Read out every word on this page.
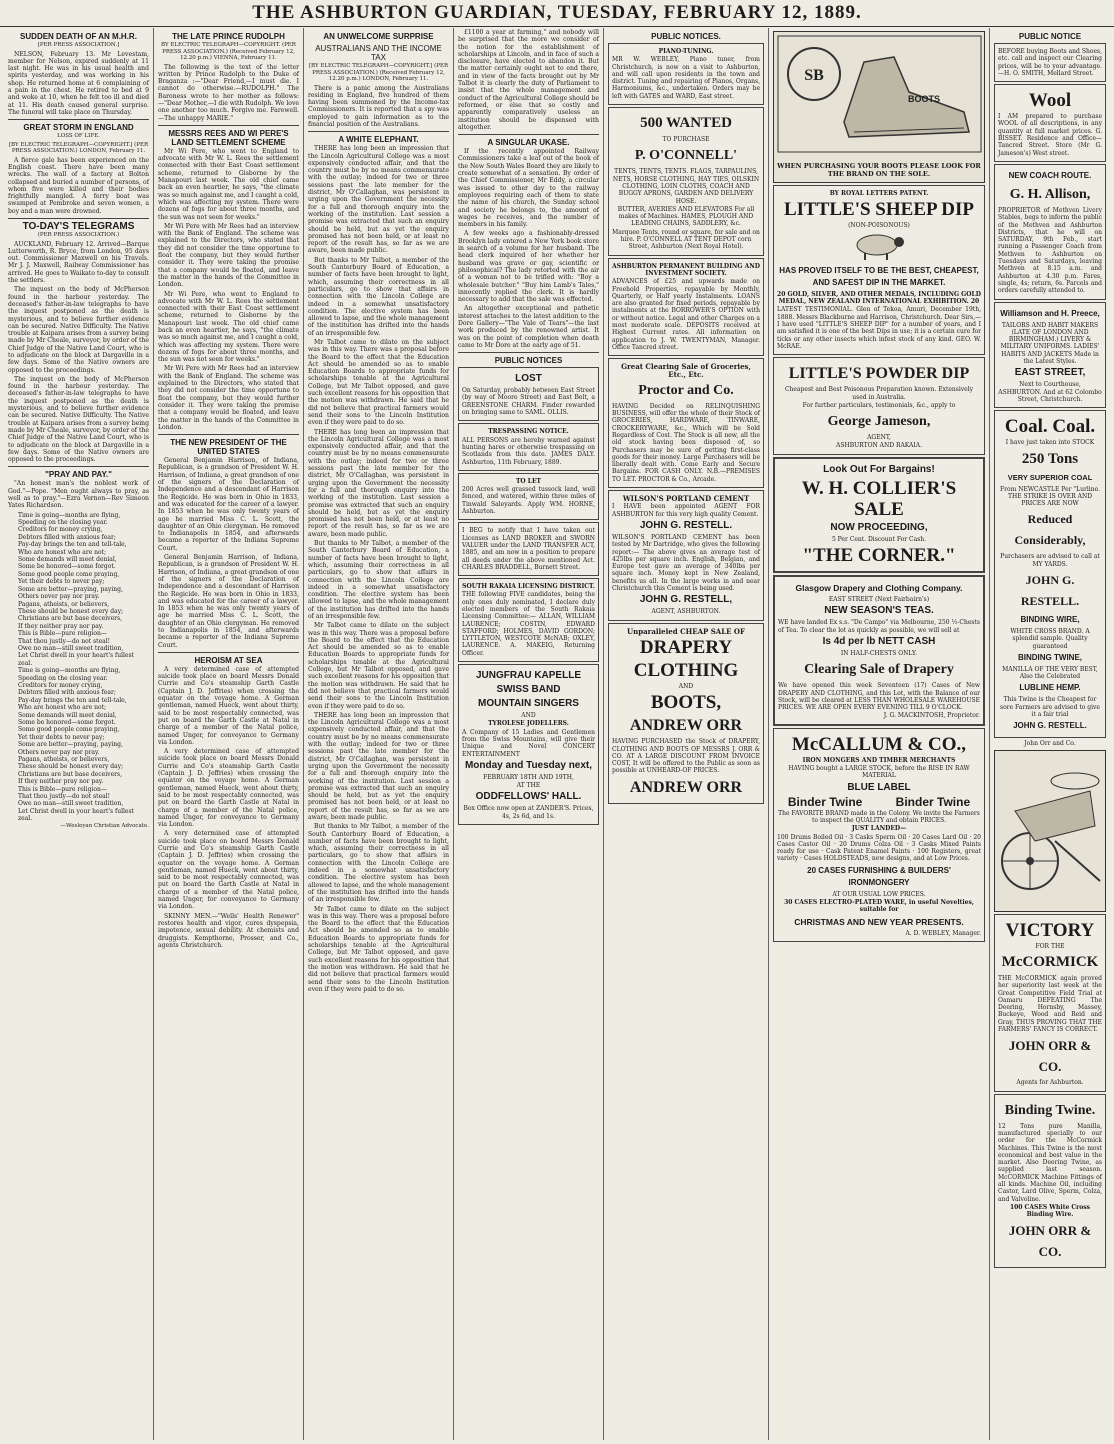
THE ASHBURTON GUARDIAN, TUESDAY, FEBRUARY 12, 1889.
SUDDEN DEATH OF AN M.H.R.
[PER PRESS ASSOCIATION.]

NELSON, February 13. Mr Levestam, member for Nelson, expired suddenly at 11 last night. He was in his usual health and spirits yesterday, and was working in his shop. He returned home at 6 complaining of a pain in the chest. He retired to bed at 9 and woke at 10, when he felt too ill and died at 11. His death caused general surprise. The funeral will take place on Thursday.

GREAT STORM IN ENGLAND
LOSS OF LIFE.
[BY ELECTRIC TELEGRAPH—COPYRIGHT.] (PER PRESS ASSOCIATION.) LONDON, February 11.

A fierce gale has been experienced on the English coast. There have been many wrecks. The wall of a factory at Bolton collapsed and buried a number of persons, of whom five were killed and their bodies frightfully mangled. A ferry boat was swamped at Pembroke and seven women, a boy and a man were drowned.

TO-DAY'S TELEGRAMS
(PER PRESS ASSOCIATION.)

AUCKLAND, February 12. Arrived—Barque Lutterworth, R. Bryce, from London, 95 days out. Commissioner Maxwell on his Travels. Mr J. J. Maxwell, Railway Commissioner has arrived. He goes to Waikato to-day to consult the settlers.

The inquest on the body of McPherson found in the harbour yesterday. The deceased's father-in-law telegraphs to have the inquest postponed as the death is mysterious, and to believe further evidence can be secured. Native Difficulty. The Native trouble at Kaipara arises from a survey being made by Mr Cheale, surveyor, by order of the Chief Judge of the Native Land Court, who is to adjudicate on the block at Dargaville in a few days. Some of the Native owners are opposed to the proceedings.

The inquest on the body of McPherson found in the harbour yesterday. The deceased's father-in-law telegraphs to have the inquest postponed as the death is mysterious, and to believe further evidence can be secured. Native Difficulty. The Native trouble at Kaipara arises from a survey being made by Mr Cheale, surveyor, by order of the Chief Judge of the Native Land Court, who is to adjudicate on the block at Dargaville in a few days. Some of the Native owners are opposed to the proceedings.

"PRAY AND PAY."

"An honest man's the noblest work of God."—Pope. "Men ought always to pray, as well as to pray."—Ezra Vernon—Rev Simeon Yates Richardson.

Time is going—months are flying,
Speeding on the closing year.
Creditors for money crying,
Debtors filled with anxious fear;
Pay-day brings the ten and tell-tale,
Who are honest who are not;
Some demands will meet denial,
Some be honored—some forgot.
Some good people come praying,
Yet their debts to never pay;
Some are better—praying, paying,
Others never pay nor pray.
Pagans, atheists, or believers,
These should be honest every day;
Christians are but base deceivers,
If they neither pray nor pay.
This is Bible—pure religion—
That thou justly—do not steal!
Owe no man—still sweet tradition,
Let Christ dwell in your heart's fullest zeal.

Time is going—months are flying,
Speeding on the closing year.
Creditors for money crying,
Debtors filled with anxious fear;
Pay-day brings the ten and tell-tale,
Who are honest who are not;
Some demands will meet denial,
Some be honored—some forgot.
Some good people come praying,
Yet their debts to never pay;
Some are better—praying, paying,
Others never pay nor pray.
Pagans, atheists, or believers,
These should be honest every day;
Christians are but base deceivers,
If they neither pray nor pay.
This is Bible—pure religion—
That thou justly—do not steal!
Owe no man—still sweet tradition,
Let Christ dwell in your heart's fullest zeal.

—Wesleyan Christian Advocate.
THE LATE PRINCE RUDOLPH
BY ELECTRIC TELEGRAPH—COPYRIGHT. (PER PRESS ASSOCIATION.) (Received February 12, 12.20 p.m.) VIENNA, February 11.

The following is the text of the letter written by Prince Rudolph to the Duke of Braganza :—"Dear Friend,—I must die. I cannot do otherwise.—RUDOLPH." The Baroness wrote to her mother as follows:—"Dear Mother,—I die with Rudolph. We love one another too much. Forgive me. Farewell.—The unhappy MARIE."

MESSRS REES AND WI PERE'S LAND SETTLEMENT SCHEME

Mr Wi Pere, who went to England to advocate with Mr W. L. Rees the settlement connected with their East Coast settlement scheme, returned to Gisborne by the Manapouri last week. The old chief came back an even heartier, he says, "the climate was so much against me, and I caught a cold, which was affecting my system. There were dozens of fogs for about three months, and the sun was not seen for weeks."

Mr Wi Pere with Mr Rees had an interview with the Bank of England. The scheme was explained to the Directors, who stated that they did not consider the time opportune to float the company, but they would further consider it. They were taking the promise that a company would be floated, and leave the matter in the hands of the Committee in London.

Mr Wi Pere, who went to England to advocate with Mr W. L. Rees the settlement connected with their East Coast settlement scheme, returned to Gisborne by the Manapouri last week. The old chief came back an even heartier, he says, "the climate was so much against me, and I caught a cold, which was affecting my system. There were dozens of fogs for about three months, and the sun was not seen for weeks."

Mr Wi Pere with Mr Rees had an interview with the Bank of England. The scheme was explained to the Directors, who stated that they did not consider the time opportune to float the company, but they would further consider it. They were taking the promise that a company would be floated, and leave the matter in the hands of the Committee in London.

THE NEW PRESIDENT OF THE UNITED STATES

General Benjamin Harrison, of Indiana, Republican, is a grandson of President W. H. Harrison, of Indiana, a great grandson of one of the signers of the Declaration of Independence and a descendant of Harrison the Regicide. He was born in Ohio in 1833, and was educated for the career of a lawyer. In 1853 when he was only twenty years of age he married Miss C. L. Scott, the daughter of an Ohio clergyman. He removed to Indianapolis in 1854, and afterwards became a reporter of the Indiana Supreme Court.

General Benjamin Harrison, of Indiana, Republican, is a grandson of President W. H. Harrison, of Indiana, a great grandson of one of the signers of the Declaration of Independence and a descendant of Harrison the Regicide. He was born in Ohio in 1833, and was educated for the career of a lawyer. In 1853 when he was only twenty years of age he married Miss C. L. Scott, the daughter of an Ohio clergyman. He removed to Indianapolis in 1854, and afterwards became a reporter of the Indiana Supreme Court.

HEROISM AT SEA

A very determined case of attempted suicide took place on board Messrs Donald Currie and Co's steamship Garth Castle (Captain J. D. Jeffries) when crossing the equator on the voyage home. A German gentleman, named Hueck, went about thirty, said to be most respectably connected, was put on board the Garth Castle at Natal in charge of a member of the Natal police, named Unger, for conveyance to Germany via London.

A very determined case of attempted suicide took place on board Messrs Donald Currie and Co's steamship Garth Castle (Captain J. D. Jeffries) when crossing the equator on the voyage home. A German gentleman, named Hueck, went about thirty, said to be most respectably connected, was put on board the Garth Castle at Natal in charge of a member of the Natal police, named Unger, for conveyance to Germany via London.

A very determined case of attempted suicide took place on board Messrs Donald Currie and Co's steamship Garth Castle (Captain J. D. Jeffries) when crossing the equator on the voyage home. A German gentleman, named Hueck, went about thirty, said to be most respectably connected, was put on board the Garth Castle at Natal in charge of a member of the Natal police, named Unger, for conveyance to Germany via London.

SKINNY MEN.—"Wells' Health Renewer" restores health and vigor, cures dyspepsia, impotence, sexual debility. At chemists and druggists. Kempthorne, Prosser, and Co., agents Christchurch.

AN UNWELCOME SURPRISE
AUSTRALIANS AND THE INCOME TAX
[BY ELECTRIC TELEGRAPH—COPYRIGHT.] (PER PRESS ASSOCIATION.) (Received February 12, 12.20 p.m.) LONDON, February 11.

There is a panic among the Australians residing in England, five hundred of them having been summoned by the Income-tax Commissioners. It is reported that a spy was employed to gain information as to the financial position of the Australians.

A WHITE ELEPHANT.

THERE has long been an impression that the Lincoln Agricultural College was a most expensively conducted affair, and that the country must be by no means commensurate with the outlay; indeed for two or three sessions past the late member for the district, Mr O'Callaghan, was persistent in urging upon the Government the necessity for a full and thorough enquiry into the working of the institution. Last session a promise was extracted that such an enquiry should be held, but as yet the enquiry promised has not been held, or at least no report of the result has, so far as we are aware, been made public.

But thanks to Mr Talbot, a member of the South Canterbury Board of Education, a number of facts have been brought to light, which, assuming their correctness in all particulars, go to show that affairs in connection with the Lincoln College are indeed in a somewhat unsatisfactory condition. The elective system has been allowed to lapse, and the whole management of the institution has drifted into the hands of an irresponsible few.

Mr Talbot came to dilate on the subject was in this way. There was a proposal before the Board to the effect that the Education Act should be amended so as to enable Education Boards to appropriate funds for scholarships tenable at the Agricultural College, but Mr Talbot opposed, and gave such excellent reasons for his opposition that the motion was withdrawn. He said that he did not believe that practical farmers would send their sons to the Lincoln Institution even if they were paid to do so.

THERE has long been an impression that the Lincoln Agricultural College was a most expensively conducted affair, and that the country must be by no means commensurate with the outlay; indeed for two or three sessions past the late member for the district, Mr O'Callaghan, was persistent in urging upon the Government the necessity for a full and thorough enquiry into the working of the institution. Last session a promise was extracted that such an enquiry should be held, but as yet the enquiry promised has not been held, or at least no report of the result has, so far as we are aware, been made public.

But thanks to Mr Talbot, a member of the South Canterbury Board of Education, a number of facts have been brought to light, which, assuming their correctness in all particulars, go to show that affairs in connection with the Lincoln College are indeed in a somewhat unsatisfactory condition. The elective system has been allowed to lapse, and the whole management of the institution has drifted into the hands of an irresponsible few.

Mr Talbot came to dilate on the subject was in this way. There was a proposal before the Board to the effect that the Education Act should be amended so as to enable Education Boards to appropriate funds for scholarships tenable at the Agricultural College, but Mr Talbot opposed, and gave such excellent reasons for his opposition that the motion was withdrawn. He said that he did not believe that practical farmers would send their sons to the Lincoln Institution even if they were paid to do so.

THERE has long been an impression that the Lincoln Agricultural College was a most expensively conducted affair, and that the country must be by no means commensurate with the outlay; indeed for two or three sessions past the late member for the district, Mr O'Callaghan, was persistent in urging upon the Government the necessity for a full and thorough enquiry into the working of the institution. Last session a promise was extracted that such an enquiry should be held, but as yet the enquiry promised has not been held, or at least no report of the result has, so far as we are aware, been made public.

But thanks to Mr Talbot, a member of the South Canterbury Board of Education, a number of facts have been brought to light, which, assuming their correctness in all particulars, go to show that affairs in connection with the Lincoln College are indeed in a somewhat unsatisfactory condition. The elective system has been allowed to lapse, and the whole management of the institution has drifted into the hands of an irresponsible few.

Mr Talbot came to dilate on the subject was in this way. There was a proposal before the Board to the effect that the Education Act should be amended so as to enable Education Boards to appropriate funds for scholarships tenable at the Agricultural College, but Mr Talbot opposed, and gave such excellent reasons for his opposition that the motion was withdrawn. He said that he did not believe that practical farmers would send their sons to the Lincoln Institution even if they were paid to do so.

£1100 a year at farming," and nobody will be surprised that the more we consider of the notion for the establishment of scholarships at Lincoln, and in face of such a disclosure, have elected to abandon it. But the matter certainly ought not to end there, and in view of the facts brought out by Mr Talbot it is clearly the duty of Parliament to insist that the whole management and conduct of the Agricultural College should be reformed, or else that so costly and apparently comparatively useless an institution should be dispensed with altogether.

A SINGULAR UKASE.

If the recently appointed Railway Commissioners take a leaf out of the book of the New South Wales Board they are likely to create somewhat of a sensation. By order of the Chief Commissioner, Mr Eddy, a circular was issued to other day to the railway employees requiring each of them to state the name of his church, the Sunday school and society he belongs to, the amount of wages he receives, and the number of members in his family.

A few weeks ago a fashionably-dressed Brooklyn lady entered a New York book store in search of a volume for her husband. The head clerk inquired of her whether her husband was grave or gay, scientific or philosophical? The lady retorted with the air of a woman not to be trifled with: "Boy a wholesale butcher." "Buy him Lamb's Tales," innocently replied the clerk. It is hardly necessary to add that the sale was effected.

An altogether exceptional and pathetic interest attaches to the latest addition to the Dore Gallery—"The Vale of Tears"—the last work produced by the renowned artist. It was on the point of completion when death came to Mr Dore at the early age of 51.

PUBLIC NOTICES
LOST
On Saturday, probably between East Street (by way of Moore Street) and East Belt, a GREENSTONE CHARM. Finder rewarded on bringing same to SAML. OLLIS.
TRESPASSING NOTICE.
ALL PERSONS are hereby warned against hunting hares or otherwise trespassing on Scotlands from this date. JAMES DALY. Ashburton, 11th February, 1889.
TO LET
200 Acres well grassed tussock land, well fenced, and watered, within three miles of Tinwald Saleyards. Apply WM. HORNE, Ashburton.
I BEG to notify that I have taken out Licenses as LAND BROKER and SWORN VALUER under the LAND TRANSFER ACT, 1885, and am now in a position to prepare all deeds under the above mentioned Act. CHARLES BRADDELL, Burnett Street.
SOUTH RAKAIA LICENSING DISTRICT.
THE following FIVE candidates, being the only ones duly nominated, I declare duly elected members of the South Rakaia Licensing Committee:— ALLAN, WILLIAM LAURENCE; COSTIN, EDWARD STAFFORD; HOLMES, DAVID GORDON; LYTTLETON, WESTCOTE McNAB; OXLEY, LAURENCE. A. MAKEIG, Returning Officer.
JUNGFRAU KAPELLE
SWISS BAND
MOUNTAIN SINGERS
AND
TYROLESE JODELLERS.
A Company of 15 Ladies and Gentlemen from the Swiss Mountains, will give their Unique and Novel CONCERT ENTERTAINMENT
Monday and Tuesday next,
FEBRUARY 18TH AND 19TH,
AT THE
ODDFELLOWS' HALL.
Box Office now open at ZANDER'S. Prices, 4s, 2s 6d, and 1s.
PUBLIC NOTICES.
PIANO-TUNING.
MR W. WEBLEY, Piano tuner, from Christchurch, is now on a visit to Ashburton, and will call upon residents in the town and district. Tuning and repairing of Pianos, Organs, Harmoniums, &c., undertaken. Orders may be left with GATES and WARD, East street.
500 WANTED
TO PURCHASE
P. O'CONNELL'
TENTS, TENTS, TENTS. FLAGS, TARPAULINS, NETS, HORSE CLOTHING, HAY TIES, OILSKIN CLOTHING, LOIN CLOTHS, COACH AND BUGGY APRONS, GARDEN AND DELIVERY HOSE.
BUTTER, AVERIES AND ELEVATORS For all makes of Machines. HAMES, PLOUGH AND LEADING CHAINS, SADDLERY, &c.
Marquee Tents, round or square, for sale and on hire. P. O'CONNELL AT TENT DEPOT corn Street, Ashburton (Next Royal Hotel).
ASHBURTON PERMANENT BUILDING AND INVESTMENT SOCIETY.
ADVANCES of £25 and upwards made on Freehold Properties, repayable by Monthly, Quarterly, or Half yearly Instalments. LOANS are also granted for fixed periods, repayable by instalments at the BORROWER'S OPTION with or without notice. Legal and other Charges on a most moderate scale. DEPOSITS received at Highest Current rates. All information on application to J. W. TWENTYMAN, Manager. Office Tancred street.
Great Clearing Sale of Groceries, Etc., Etc.
Proctor and Co.
HAVING Decided on RELINQUISHING BUSINESS, will offer the whole of their Stock of GROCERIES, HARDWARE, TINWARE, CROCKERYWARE, &c., Which will be Sold Regardless of Cost. The Stock is all new, all the old stock having been disposed of, so Purchasers may be sure of getting first-class goods for their money. Large Purchasers will be liberally dealt with. Come Early and Secure Bargains. FOR CASH ONLY. N.B.—PREMISES TO LET. PROCTOR & Co., Arcade.
WILSON'S PORTLAND CEMENT
I HAVE been appointed AGENT FOR ASHBURTON for this very high quality Cement.
JOHN G. RESTELL.
WILSON'S PORTLAND CEMENT has been tested by Mr Dartridge, who gives the following report:— The above gives an average test of 425lbs per square inch. English, Belgian, and Europe test gave an average of 340lbs per square inch. Money kept in New Zealand, benefits us all. In the large works in and near Christchurch this Cement is being used.
JOHN G. RESTELL,
AGENT, ASHBURTON.
Unparalleled CHEAP SALE OF
DRAPERY
CLOTHING
AND
BOOTS,
ANDREW ORR
HAVING PURCHASED the Stock of DRAPERY, CLOTHING AND BOOTS OF MESSRS J. ORR & CO. AT A LARGE DISCOUNT FROM INVOICE COST, It will be offered to the Public as soon as possible at UNHEARD-OF PRICES.
ANDREW ORR
SB
BOOTS
WHEN PURCHASING YOUR BOOTS PLEASE LOOK FOR THE BRAND ON THE SOLE.
BY ROYAL LETTERS PATENT.
LITTLE'S SHEEP DIP
(NON-POISONOUS)
HAS PROVED ITSELF TO BE THE BEST, CHEAPEST, AND SAFEST DIP IN THE MARKET.
20 GOLD, SILVER, AND OTHER MEDALS, INCLUDING GOLD MEDAL, NEW ZEALAND INTERNATIONAL EXHIBITION. 20
LATEST TESTIMONIAL. Glen of Tekoa, Amuri, December 19th, 1888. Messrs Blackburne and Harrison, Christchurch. Dear Sirs,—I have used "LITTLE'S SHEEP DIP" for a number of years, and I am satisfied it is one of the best Dips in use; it is a certain cure for ticks or any other insects which infest stock of any kind. GEO. W. McRAE.
LITTLE'S POWDER DIP
Cheapest and Best Poisonous Preparation known. Extensively used in Australia.
For further particulars, testimonials, &c., apply to
George Jameson,
AGENT,
ASHBURTON AND RAKAIA.
Look Out For Bargains!
W. H. COLLIER'S SALE
NOW PROCEEDING,
5 Per Cent. Discount For Cash.
"THE CORNER."
Glasgow Drapery and Clothing Company.
EAST STREET (Next Fairbairn's)
NEW SEASON'S TEAS.
WE have landed Ex s.s. "De Campo" via Melbourne, 250 ½-Chests of Tea. To clear the lot as quickly as possible, we will sell at
Is 4d per lb NETT CASH
IN HALF-CHESTS ONLY.
Clearing Sale of Drapery
We have opened this week Seventeen (17) Cases of New DRAPERY AND CLOTHING, and this Lot, with the Balance of our Stock, will be cleared at LESS THAN WHOLESALE WAREHOUSE PRICES. WE ARE OPEN EVERY EVENING TILL 9 O'CLOCK.
J. G. MACKINTOSH, Proprietor.
McCALLUM & CO.,
IRON MONGERS AND TIMBER MERCHANTS
HAVING bought a LARGE STOCK, before the RISE IN RAW MATERIAL
BLUE LABEL
Binder Twine          Binder Twine
The FAVORITE BRAND made in the Colony. We invite the Farmers to inspect the QUALITY and obtain PRICES.
JUST LANDED—
100 Drums Boiled Oil · 3 Casks Sperm Oil · 20 Cases Lard Oil · 20 Cases Castor Oil · 20 Drums Colza Oil · 3 Casks Mixed Paints ready for use · Cask Patent Enamel Paints · 100 Registers, great variety · Cases HOLDSTEADS, new designs, and at Low Prices.
20 CASES FURNISHING & BUILDERS' IRONMONGERY
AT OUR USUAL LOW PRICES.
30 CASES ELECTRO-PLATED WARE, in useful Novelties, suitable for
CHRISTMAS AND NEW YEAR PRESENTS.
A. D. WEBLEY, Manager.
PUBLIC NOTICE
BEFORE buying Boots and Shoes, etc. call and inspect our Clearing prices, will be to your advantage.—H. O. SMITH, Mellard Street.
Wool
I AM prepared to purchase WOOL of all descriptions, in any quantity at full market prices. G. BISSET. Residence and Office—Tancred Street. Store (Mr G. Jameson's) West street.
NEW COACH ROUTE.
G. H. Allison,
PROPRIETOR of Methven Livery Stables, begs to inform the public of the Methven and Ashburton Districts, that he will on SATURDAY, 9th Feb., start running a Passenger Coach from Methven to Ashburton on Tuesdays and Saturdays, leaving Methven at 8.15 a.m. and Ashburton at 4.30 p.m. Fares, single, 4s; return, 6s. Parcels and orders carefully attended to.
Williamson and H. Preece,
TAILORS AND HABIT MAKERS (LATE OF LONDON AND BIRMINGHAM.) LIVERY & MILITARY UNIFORMS. LADIES' HABITS AND JACKETS Made in the Latest Styles.
EAST STREET,
Next to Courthouse, ASHBURTON. And at 62 Colombo Street, Christchurch.
Coal. Coal.
I have just taken into STOCK
250 Tons
VERY SUPERIOR COAL
From NEWCASTLE Per "Lurline. THE STRIKE IS OVER AND PRICES ARE NOW
Reduced Considerably,
Purchasers are advised to call at MY YARDS.
JOHN G. RESTELL.
BINDING WIRE,
WHITE CROSS BRAND. A splendid sample. Quality guaranteed
BINDING TWINE,
MANILLA OF THE VERY BEST, Also the Celebrated
LUBLINE HEMP.
This Twine is the Cheapest for sore Farmers are advised to give it a fair trial
JOHN G. RESTELL.
John Orr and Co.
VICTORY
FOR THE
McCORMICK
THE McCORMICK again proved her superiority last week at the Great Competitive Field Trial at Oamaru DEFEATING The Deering, Hornsby, Massey, Buckeye, Wood and Reid and Gray, THUS PROVING THAT THE FARMERS' FANCY IS CORRECT.
JOHN ORR & CO.
Agents for Ashburton.
Binding Twine.
12 Tons pure Manilla, manufactured specially to our order for the McCormick Machines. This Twine is the most economical and best value in the market. Also Deering Twine, as supplied last season. McCORMICK Machine Fittings of all kinds. Machine Oil, including Castor, Lard Olive, Sperm, Colza, and Valvoline.
100 CASES White Cross Binding Wire.
JOHN ORR & CO.
